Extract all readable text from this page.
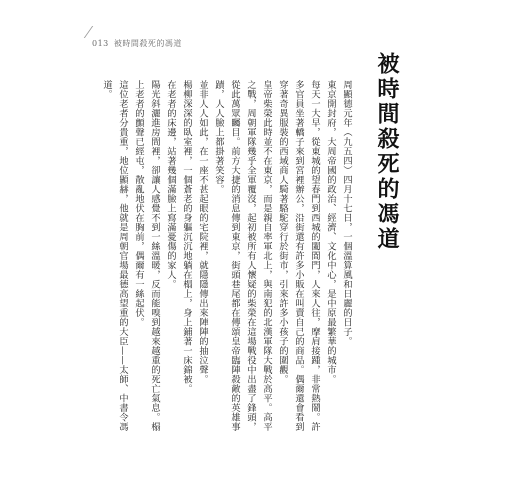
013 被時間殺死的馮道
被時間殺死的馮道

周顯德元年（九五四）四月十七日，一個溫算風和日麗的日子。

東京開封府，大周帝國的政治、經濟、文化中心，是中原最繁華的城市。

每天一大早，從東城的望春門到西城的闔閭門，人來人往，摩肩接踵，非常熱鬧。許多官員坐著轎子來到宮裡辦公，沿街還有許多小販在叫賣自己的商品。偶爾還會看到穿著奇異服裝的西域商人騎著駱駝穿行於街市，引來許多小孩子的圍觀。

皇帝柴榮此時並不在東京，而是親自率軍北上，與南犯的北漢軍隊大戰於高平。高平之戰，周朝軍隊幾乎全軍覆沒，起初被所有人懷疑的柴榮在這場戰役中出盡了鋒頭，從此萬眾矚目。前方大捷的消息傳到東京，街頭巷尾都在傳頌皇帝臨陣殺敵的英雄事蹟，人人臉上都掛著笑容。

並非人人如此，在一座不甚起眼的宅院裡，就隱隱傳出來陣陣的抽泣聲。

楊柳深深的臥室裡，一個蒼老的身軀沉沉地躺在榻上，身上鋪著一床錦被。

在老者的床邊，站著幾個滿臉上寫滿憂傷的家人。

陽光斜灑進房間裡，卻讓人感覺不到一絲溫暖，反而能嗅到越來越重的死亡氣息。榻上老者的顫聲已經屯，散亂地伏在胸前，偶爾有一絲起伏。

這位老者分貴重，地位顯赫，他就是周朝官場最德高望重的大臣——太師、中書令馮道。
